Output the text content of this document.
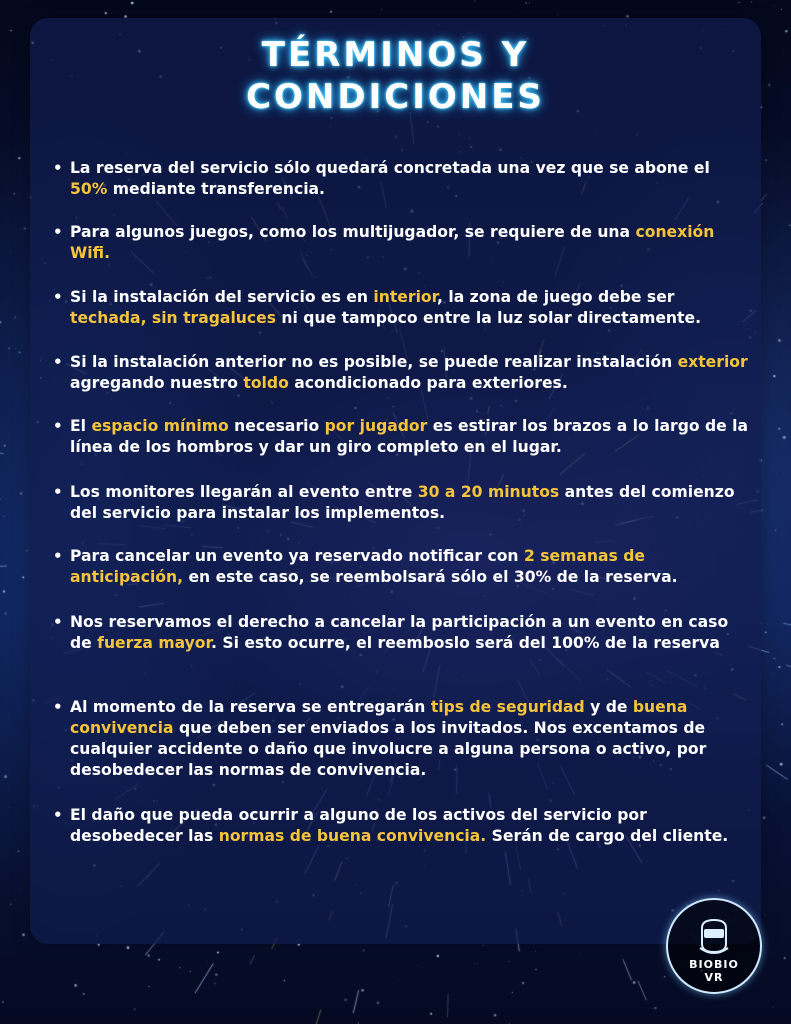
TÉRMINOS Y
CONDICIONES
• La reserva del servicio sólo quedará concretada una vez que se abone el 50% mediante transferencia.
• Para algunos juegos, como los multijugador, se requiere de una conexión Wifi.
• Si la instalación del servicio es en interior, la zona de juego debe ser techada, sin tragaluces ni que tampoco entre la luz solar directamente.
• Si la instalación anterior no es posible, se puede realizar instalación exterior agregando nuestro toldo acondicionado para exteriores.
• El espacio mínimo necesario por jugador es estirar los brazos a lo largo de la línea de los hombros y dar un giro completo en el lugar.
• Los monitores llegarán al evento entre 30 a 20 minutos antes del comienzo del servicio para instalar los implementos.
• Para cancelar un evento ya reservado notificar con 2 semanas de anticipación, en este caso, se reembolsará sólo el 30% de la reserva.
• Nos reservamos el derecho a cancelar la participación a un evento en caso de fuerza mayor. Si esto ocurre, el reemboslo será del 100% de la reserva
• Al momento de la reserva se entregarán tips de seguridad y de buena convivencia que deben ser enviados a los invitados. Nos excentamos de cualquier accidente o daño que involucre a alguna persona o activo, por desobedecer las normas de convivencia.
• El daño que pueda ocurrir a alguno de los activos del servicio por desobedecer las normas de buena convivencia. Serán de cargo del cliente.
BIOBIO
VR
